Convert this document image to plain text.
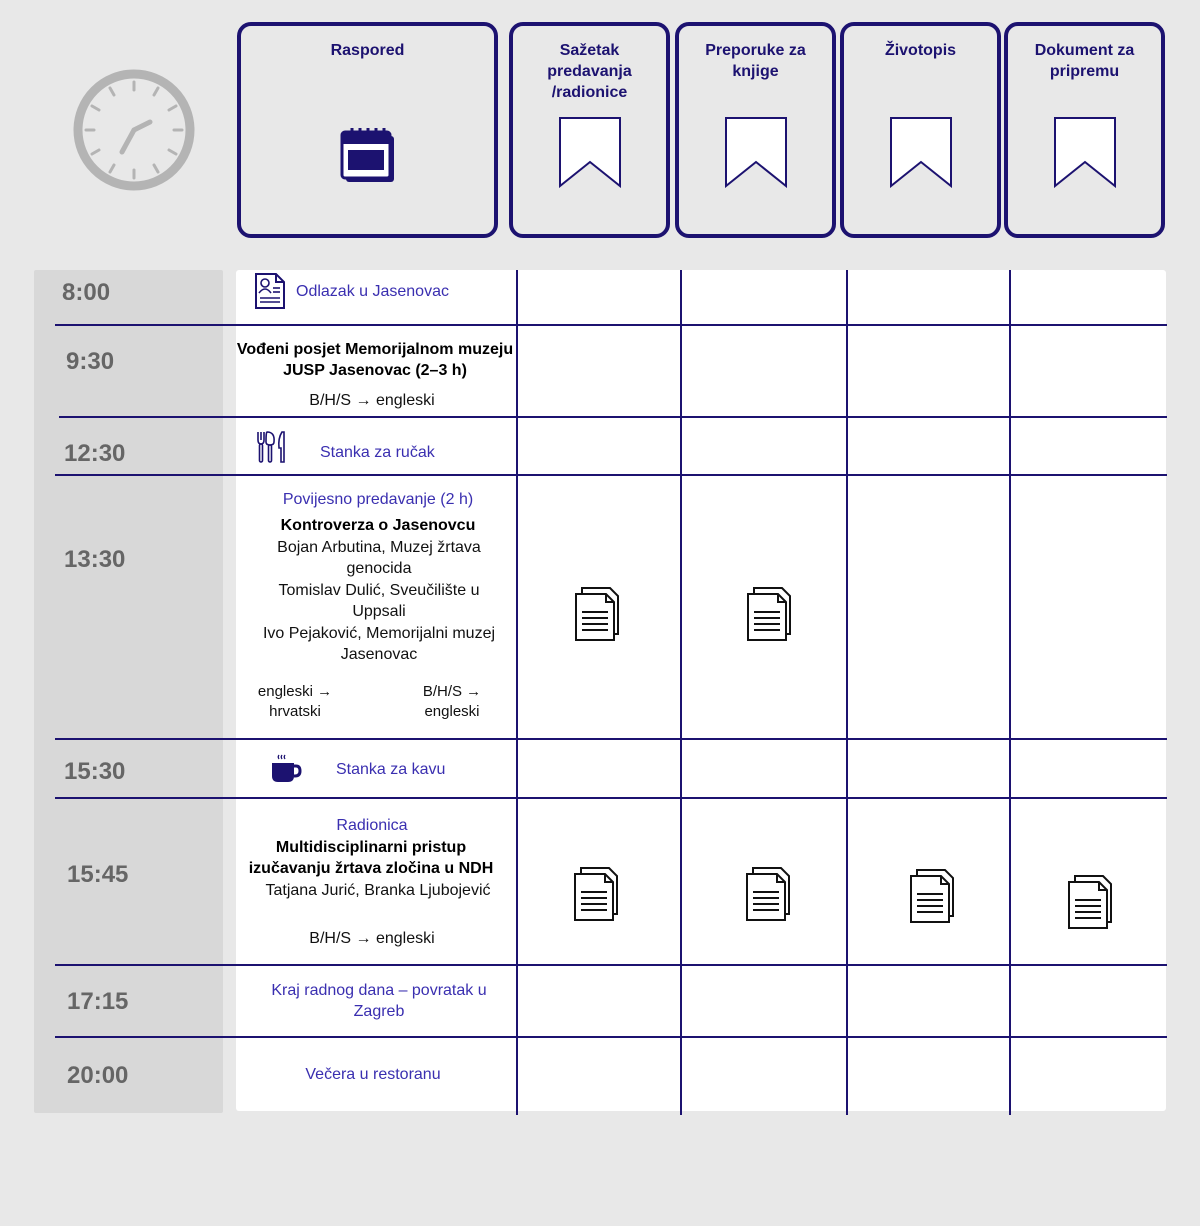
Raspored	Sažetak predavanja /radionice
Preporuke za knjige
Životopis	Dokument za pripremu
8:00
9:30
12:30
13:30
15:30
15:45
17:15
20:00
Odlazak u Jasenovac
Vođeni posjet Memorijalnom muzeju JUSP Jasenovac (2–3 h)
B/H/S → engleski
Stanka za ručak
Povijesno predavanje (2 h)
Kontroverza o Jasenovcu
Bojan Arbutina, Muzej žrtava genocida
Tomislav Dulić, Sveučilište u Uppsali
Ivo Pejaković, Memorijalni muzej Jasenovac
engleski → hrvatski
B/H/S → engleski
Stanka za kavu
Radionica
Multidisciplinarni pristup izučavanju žrtava zločina u NDH
Tatjana Jurić, Branka Ljubojević
B/H/S → engleski
Kraj radnog dana – povratak u Zagreb
Večera u restoranu
